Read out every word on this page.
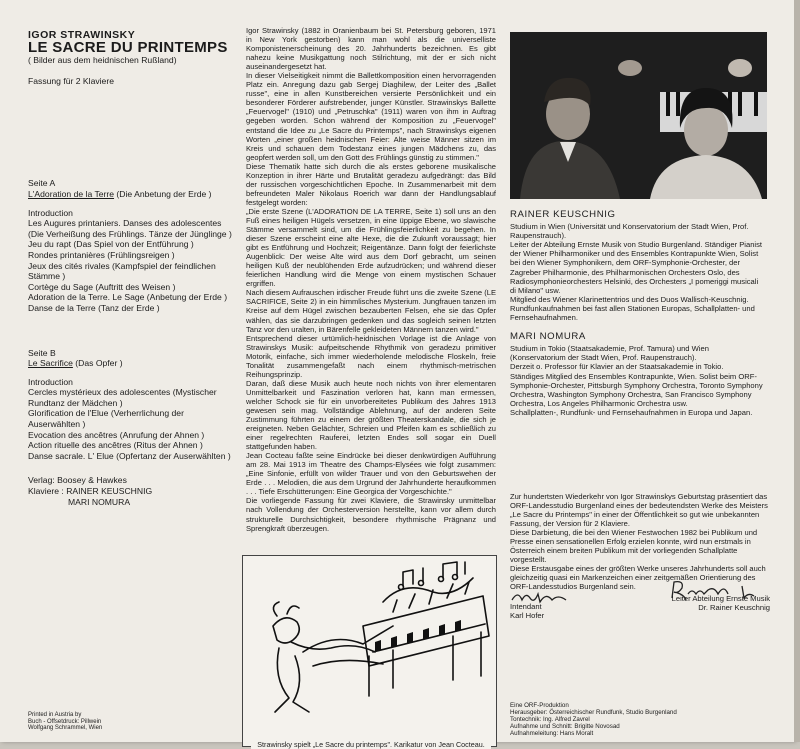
IGOR STRAWINSKY

LE SACRE DU PRINTEMPS

( Bilder aus dem heidnischen Rußland)

Fassung für 2 Klaviere

Seite A

L'Adoration de la Terre (Die Anbetung der Erde )

Introduction

Les Augures printaniers. Danses des adolescentes

(Die Verheißung des Frühlings. Tänze der Jünglinge )

Jeu du rapt (Das Spiel von der Entführung )

Rondes printanières (Frühlingsreigen )

Jeux des cités rivales (Kampfspiel der feindlichen Stämme )

Cortège du Sage (Auftritt des Weisen )

Adoration de la Terre. Le Sage (Anbetung der Erde )

Danse de la Terre (Tanz der Erde )

Seite B

Le Sacrifice (Das Opfer )

Introduction

Cercles mystérieux des adolescentes (Mystischer Rundtanz der Mädchen )

Glorification de l'Elue (Verherrlichung der Auserwählten )

Evocation des ancêtres (Anrufung der Ahnen )

Action rituelle des ancêtres (Ritus der Ahnen )

Danse sacrale. L' Elue (Opfertanz der Auserwählten )

Verlag: Boosey & Hawkes

Klaviere : RAINER KEUSCHNIG

MARI NOMURA

Printed in Austria by

Buch - Offsetdruck: Pillwein

Wolfgang Schrammel, Wien

Igor Strawinsky (1882 in Oranienbaum bei St. Petersburg geboren, 1971 in New York gestorben) kann man wohl als die universelliste Komponistenerscheinung des 20. Jahrhunderts bezeichnen. Es gibt nahezu keine Musikgattung noch Stilrichtung, mit der er sich nicht auseinandergesetzt hat.

In dieser Vielseitigkeit nimmt die Ballettkomposition einen hervorragenden Platz ein. Anregung dazu gab Sergej Diaghilew, der Leiter des „Ballet russe", eine in allen Kunstbereichen versierte Persönlichkeit und ein besonderer Förderer aufstrebender, junger Künstler. Strawinskys Ballette „Feuervogel" (1910) und „Petruschka" (1911) waren von ihm in Auftrag gegeben worden. Schon während der Komposition zu „Feuervogel" entstand die Idee zu „Le Sacre du Printemps", nach Strawinskys eigenen Worten „einer großen heidnischen Feier: Alte weise Männer sitzen im Kreis und schauen dem Todestanz eines jungen Mädchens zu, das geopfert werden soll, um den Gott des Frühlings günstig zu stimmen."

Diese Thematik hatte sich durch die als erstes geborene musikalische Konzeption in ihrer Härte und Brutalität geradezu aufgedrängt: das Bild der russischen vorgeschichtlichen Epoche. In Zusammenarbeit mit dem befreundeten Maler Nikolaus Roerich war dann der Handlungsablauf festgelegt worden:

„Die erste Szene (L'ADORATION DE LA TERRE, Seite 1) soll uns an den Fuß eines heiligen Hügels versetzen, in eine üppige Ebene, wo slawische Stämme versammelt sind, um die Frühlingsfeierlichkeit zu begehen. In dieser Szene erscheint eine alte Hexe, die die Zukunft voraussagt; hier gibt es Entführung und Hochzeit; Reigentänze. Dann folgt der feierlichste Augenblick: Der weise Alte wird aus dem Dorf gebracht, um seinen heiligen Kuß der neublühenden Erde aufzudrücken; und während dieser feierlichen Handlung wird die Menge von einem mystischen Schauer ergriffen.

Nach diesem Aufrauschen irdischer Freude führt uns die zweite Szene (LE SACRIFICE, Seite 2) in ein himmlisches Mysterium. Jungfrauen tanzen im Kreise auf dem Hügel zwischen bezauberten Felsen, ehe sie das Opfer wählen, das sie darzubringen gedenken und das sogleich seinen letzten Tanz vor den uralten, in Bärenfelle gekleideten Männern tanzen wird."

Entsprechend dieser urtümlich-heidnischen Vorlage ist die Anlage von Strawinskys Musik: aufpeitschende Rhythmik von geradezu primitiver Motorik, einfache, sich immer wiederholende melodische Floskeln, freie Tonalität zusammengefaßt nach einem rhythmisch-metrischen Reihungsprinzip.

Daran, daß diese Musik auch heute noch nichts von ihrer elementaren Unmittelbarkeit und Faszination verloren hat, kann man ermessen, welcher Schock sie für ein unvorbereitetes Publikum des Jahres 1913 gewesen sein mag. Vollständige Ablehnung, auf der anderen Seite Zustimmung führten zu einem der größten Theaterskandale, die sich je ereigneten. Neben Gelächter, Schreien und Pfeifen kam es schließlich zu einer regelrechten Rauferei, letzten Endes soll sogar ein Duell stattgefunden haben.

Jean Cocteau faßte seine Eindrücke bei dieser denkwürdigen Aufführung am 28. Mai 1913 im Theatre des Champs-Elysées wie folgt zusammen: „Eine Sinfonie, erfüllt von wilder Trauer und von den Geburtswehen der Erde . . . Melodien, die aus dem Urgrund der Jahrhunderte heraufkommen . . . Tiefe Erschütterungen: Eine Georgica der Vorgeschichte."

Die vorliegende Fassung für zwei Klaviere, die Strawinsky unmittelbar nach Vollendung der Orchesterversion herstellte, kann vor allem durch strukturelle Durchsichtigkeit, besondere rhythmische Prägnanz und Sprengkraft überzeugen.

Strawinsky spielt „Le Sacre du printemps". Karikatur von Jean Cocteau.

RAINER KEUSCHNIG

Studium in Wien (Universität und Konservatorium der Stadt Wien, Prof. Raupenstrauch).

Leiter der Abteilung Ernste Musik von Studio Burgenland. Ständiger Pianist der Wiener Philharmoniker und des Ensembles Kontrapunkte Wien, Solist bei den Wiener Symphonikern, dem ORF-Symphonie-Orchester, der Zagreber Philharmonie, des Philharmonischen Orchesters Oslo, des Radiosymphonieorchesters Helsinki, des Orchesters „I pomeriggi musicali di Milano" usw.

Mitglied des Wiener Klarinettentrios und des Duos Wallisch-Keuschnig.

Rundfunkaufnahmen bei fast allen Stationen Europas, Schallplatten- und Fernsehaufnahmen.

MARI NOMURA

Studium in Tokio (Staatsakademie, Prof. Tamura) und Wien (Konservatorium der Stadt Wien, Prof. Raupenstrauch).

Derzeit o. Professor für Klavier an der Staatsakademie in Tokio.

Ständiges Mitglied des Ensembles Kontrapunkte, Wien. Solist beim ORF-Symphonie-Orchester, Pittsburgh Symphony Orchestra, Toronto Symphony Orchestra, Washington Symphony Orchestra, San Francisco Symphony Orchestra, Los Angeles Philharmonic Orchestra usw.

Schallplatten-, Rundfunk- und Fernsehaufnahmen in Europa und Japan.

Zur hundertsten Wiederkehr von Igor Strawinskys Geburtstag präsentiert das ORF-Landesstudio Burgenland eines der bedeutendsten Werke des Meisters „Le Sacre du Printemps" in einer der Öffentlichkeit so gut wie unbekannten Fassung, der Version für 2 Klaviere.

Diese Darbietung, die bei den Wiener Festwochen 1982 bei Publikum und Presse einen sensationellen Erfolg erzielen konnte, wird nun erstmals in Österreich einem breiten Publikum mit der vorliegenden Schallplatte vorgestellt.

Diese Erstausgabe eines der größten Werke unseres Jahrhunderts soll auch gleichzeitig quasi ein Markenzeichen einer zeitgemäßen Orientierung des ORF-Landesstudios Burgenland sein.

Intendant

Karl Hofer

Leiter Abteilung Ernste Musik

Dr. Rainer Keuschnig

Eine ORF-Produktion

Herausgeber: Österreichischer Rundfunk, Studio Burgenland

Tontechnik: Ing. Alfred Zavrel

Aufnahme und Schnitt: Brigitte Novosad

Aufnahmeleitung: Hans Moralt
